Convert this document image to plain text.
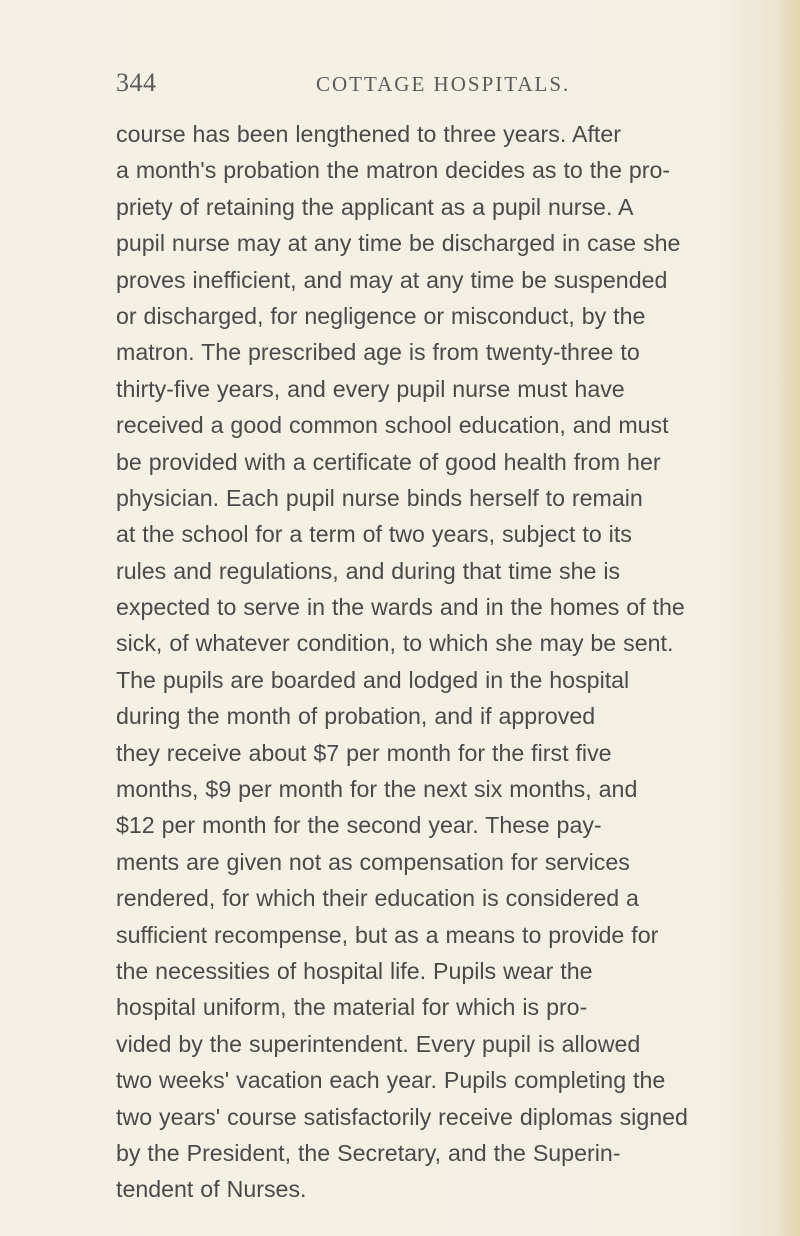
344	COTTAGE HOSPITALS.
course has been lengthened to three years. After
a month's probation the matron decides as to the pro-
priety of retaining the applicant as a pupil nurse. A
pupil nurse may at any time be discharged in case she
proves inefficient, and may at any time be suspended
or discharged, for negligence or misconduct, by the
matron. The prescribed age is from twenty-three to
thirty-five years, and every pupil nurse must have
received a good common school education, and must
be provided with a certificate of good health from her
physician. Each pupil nurse binds herself to remain
at the school for a term of two years, subject to its
rules and regulations, and during that time she is
expected to serve in the wards and in the homes of the
sick, of whatever condition, to which she may be sent.
The pupils are boarded and lodged in the hospital
during the month of probation, and if approved
they receive about $7 per month for the first five
months, $9 per month for the next six months, and
$12 per month for the second year. These pay-
ments are given not as compensation for services
rendered, for which their education is considered a
sufficient recompense, but as a means to provide for
the necessities of hospital life. Pupils wear the
hospital uniform, the material for which is pro-
vided by the superintendent. Every pupil is allowed
two weeks' vacation each year. Pupils completing the
two years' course satisfactorily receive diplomas signed
by the President, the Secretary, and the Superin-
tendent of Nurses.
